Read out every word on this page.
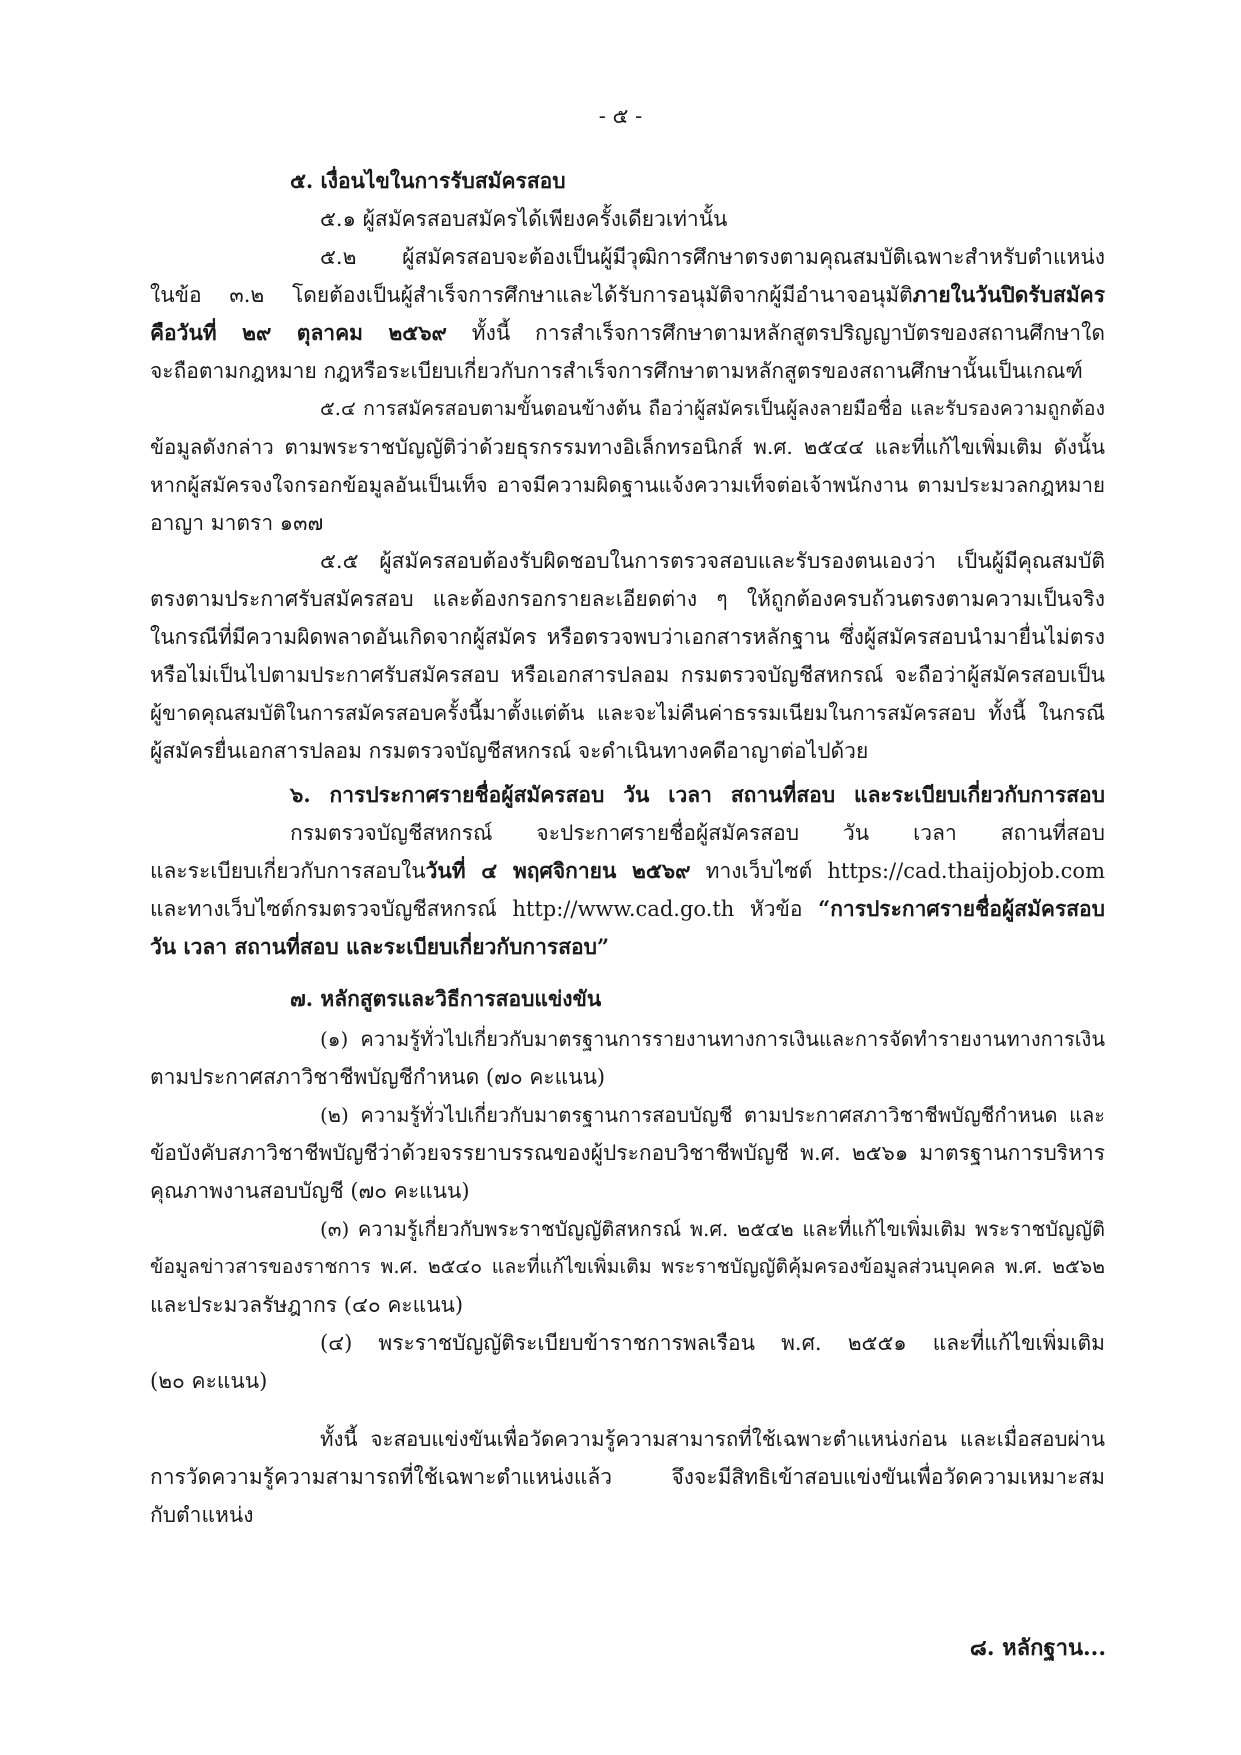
- ๕ -
๕. เงื่อนไขในการรับสมัครสอบ
๕.๑ ผู้สมัครสอบสมัครได้เพียงครั้งเดียวเท่านั้น
๕.๒ ผู้สมัครสอบจะต้องเป็นผู้มีวุฒิการศึกษาตรงตามคุณสมบัติเฉพาะสำหรับตำแหน่ง
ในข้อ ๓.๒ โดยต้องเป็นผู้สำเร็จการศึกษาและได้รับการอนุมัติจากผู้มีอำนาจอนุมัติภายในวันปิดรับสมัคร
คือวันที่ ๒๙ ตุลาคม ๒๕๖๙ ทั้งนี้ การสำเร็จการศึกษาตามหลักสูตรปริญญาบัตรของสถานศึกษาใด
จะถือตามกฎหมาย กฎหรือระเบียบเกี่ยวกับการสำเร็จการศึกษาตามหลักสูตรของสถานศึกษานั้นเป็นเกณฑ์
๕.๔ การสมัครสอบตามขั้นตอนข้างต้น ถือว่าผู้สมัครเป็นผู้ลงลายมือชื่อ และรับรองความถูกต้อง
ข้อมูลดังกล่าว ตามพระราชบัญญัติว่าด้วยธุรกรรมทางอิเล็กทรอนิกส์ พ.ศ. ๒๕๔๔ และที่แก้ไขเพิ่มเติม ดังนั้น
หากผู้สมัครจงใจกรอกข้อมูลอันเป็นเท็จ อาจมีความผิดฐานแจ้งความเท็จต่อเจ้าพนักงาน ตามประมวลกฎหมาย
อาญา มาตรา ๑๓๗
๕.๕ ผู้สมัครสอบต้องรับผิดชอบในการตรวจสอบและรับรองตนเองว่า เป็นผู้มีคุณสมบัติ
ตรงตามประกาศรับสมัครสอบ และต้องกรอกรายละเอียดต่าง ๆ ให้ถูกต้องครบถ้วนตรงตามความเป็นจริง
ในกรณีที่มีความผิดพลาดอันเกิดจากผู้สมัคร หรือตรวจพบว่าเอกสารหลักฐาน ซึ่งผู้สมัครสอบนำมายื่นไม่ตรง
หรือไม่เป็นไปตามประกาศรับสมัครสอบ หรือเอกสารปลอม กรมตรวจบัญชีสหกรณ์ จะถือว่าผู้สมัครสอบเป็น
ผู้ขาดคุณสมบัติในการสมัครสอบครั้งนี้มาตั้งแต่ต้น และจะไม่คืนค่าธรรมเนียมในการสมัครสอบ ทั้งนี้ ในกรณี
ผู้สมัครยื่นเอกสารปลอม กรมตรวจบัญชีสหกรณ์ จะดำเนินทางคดีอาญาต่อไปด้วย
๖. การประกาศรายชื่อผู้สมัครสอบ วัน เวลา สถานที่สอบ และระเบียบเกี่ยวกับการสอบ
กรมตรวจบัญชีสหกรณ์ จะประกาศรายชื่อผู้สมัครสอบ วัน เวลา สถานที่สอบ
และระเบียบเกี่ยวกับการสอบในวันที่ ๔ พฤศจิกายน ๒๕๖๙ ทางเว็บไซต์ https://cad.thaijobjob.com
และทางเว็บไซต์กรมตรวจบัญชีสหกรณ์ http://www.cad.go.th หัวข้อ “การประกาศรายชื่อผู้สมัครสอบ
วัน เวลา สถานที่สอบ และระเบียบเกี่ยวกับการสอบ”
๗. หลักสูตรและวิธีการสอบแข่งขัน
(๑) ความรู้ทั่วไปเกี่ยวกับมาตรฐานการรายงานทางการเงินและการจัดทำรายงานทางการเงิน
ตามประกาศสภาวิชาชีพบัญชีกำหนด (๗๐ คะแนน)
(๒) ความรู้ทั่วไปเกี่ยวกับมาตรฐานการสอบบัญชี ตามประกาศสภาวิชาชีพบัญชีกำหนด และ
ข้อบังคับสภาวิชาชีพบัญชีว่าด้วยจรรยาบรรณของผู้ประกอบวิชาชีพบัญชี พ.ศ. ๒๕๖๑ มาตรฐานการบริหาร
คุณภาพงานสอบบัญชี (๗๐ คะแนน)
(๓) ความรู้เกี่ยวกับพระราชบัญญัติสหกรณ์ พ.ศ. ๒๕๔๒ และที่แก้ไขเพิ่มเติม พระราชบัญญัติ
ข้อมูลข่าวสารของราชการ พ.ศ. ๒๕๔๐ และที่แก้ไขเพิ่มเติม พระราชบัญญัติคุ้มครองข้อมูลส่วนบุคคล พ.ศ. ๒๕๖๒
และประมวลรัษฎากร (๔๐ คะแนน)
(๔) พระราชบัญญัติระเบียบข้าราชการพลเรือน พ.ศ. ๒๕๕๑ และที่แก้ไขเพิ่มเติม
(๒๐ คะแนน)
ทั้งนี้ จะสอบแข่งขันเพื่อวัดความรู้ความสามารถที่ใช้เฉพาะตำแหน่งก่อน และเมื่อสอบผ่าน
การวัดความรู้ความสามารถที่ใช้เฉพาะตำแหน่งแล้ว จึงจะมีสิทธิเข้าสอบแข่งขันเพื่อวัดความเหมาะสม
กับตำแหน่ง
๘. หลักฐาน...
